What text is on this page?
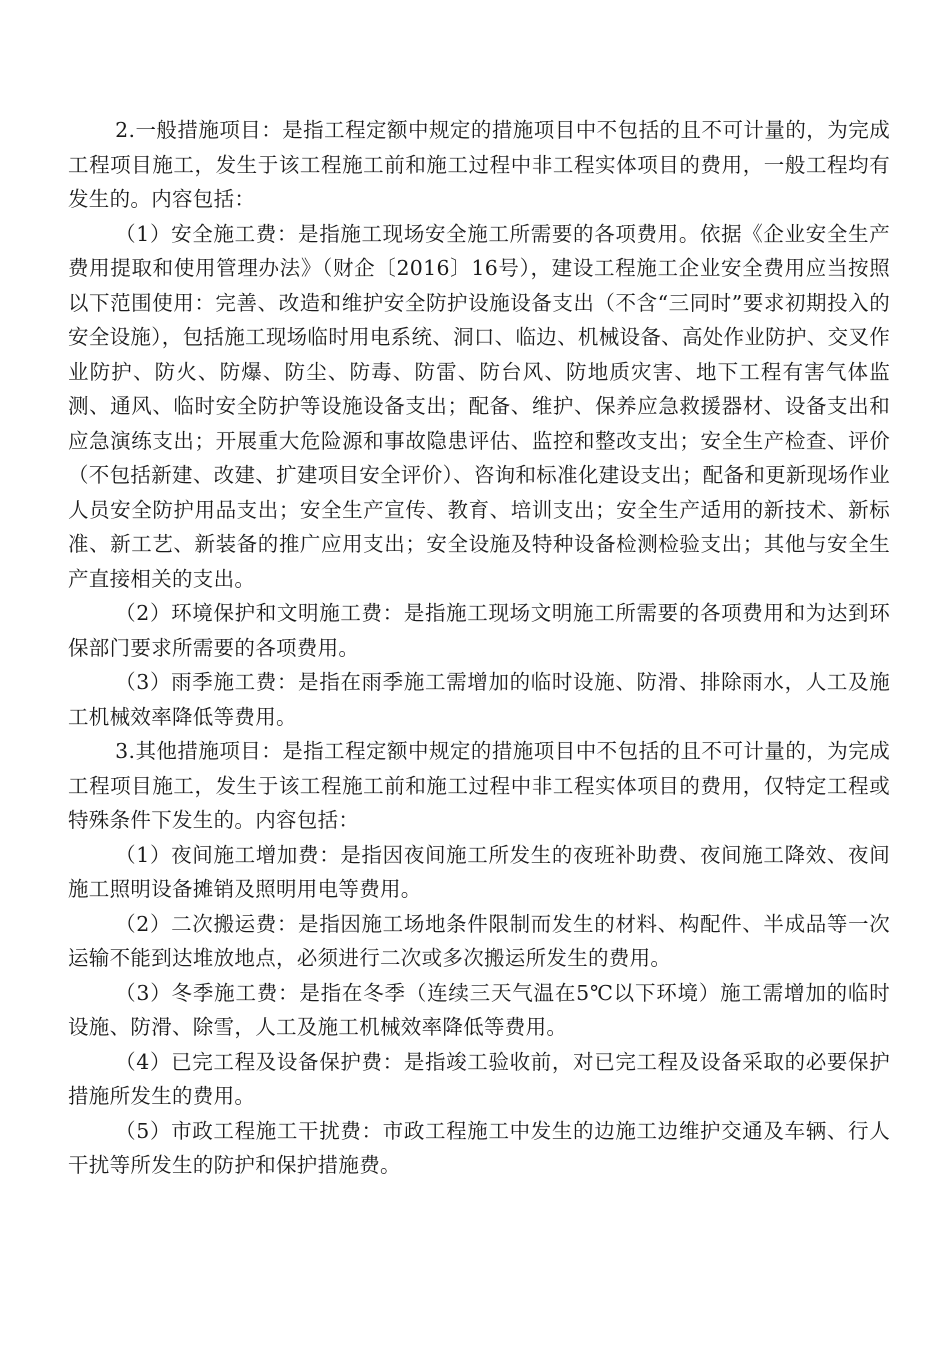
2.一般措施项目：是指工程定额中规定的措施项目中不包括的且不可计量的，为完成工程项目施工，发生于该工程施工前和施工过程中非工程实体项目的费用，一般工程均有发生的。内容包括：

（1）安全施工费：是指施工现场安全施工所需要的各项费用。依据《企业安全生产费用提取和使用管理办法》（财企〔2016〕16号），建设工程施工企业安全费用应当按照以下范围使用：完善、改造和维护安全防护设施设备支出（不含“三同时”要求初期投入的安全设施），包括施工现场临时用电系统、洞口、临边、机械设备、高处作业防护、交叉作业防护、防火、防爆、防尘、防毒、防雷、防台风、防地质灾害、地下工程有害气体监测、通风、临时安全防护等设施设备支出；配备、维护、保养应急救援器材、设备支出和应急演练支出；开展重大危险源和事故隐患评估、监控和整改支出；安全生产检查、评价（不包括新建、改建、扩建项目安全评价）、咨询和标准化建设支出；配备和更新现场作业人员安全防护用品支出；安全生产宣传、教育、培训支出；安全生产适用的新技术、新标准、新工艺、新装备的推广应用支出；安全设施及特种设备检测检验支出；其他与安全生产直接相关的支出。

（2）环境保护和文明施工费：是指施工现场文明施工所需要的各项费用和为达到环保部门要求所需要的各项费用。

（3）雨季施工费：是指在雨季施工需增加的临时设施、防滑、排除雨水，人工及施工机械效率降低等费用。

3.其他措施项目：是指工程定额中规定的措施项目中不包括的且不可计量的，为完成工程项目施工，发生于该工程施工前和施工过程中非工程实体项目的费用，仅特定工程或特殊条件下发生的。内容包括：

（1）夜间施工增加费：是指因夜间施工所发生的夜班补助费、夜间施工降效、夜间施工照明设备摊销及照明用电等费用。

（2）二次搬运费：是指因施工场地条件限制而发生的材料、构配件、半成品等一次运输不能到达堆放地点，必须进行二次或多次搬运所发生的费用。

（3）冬季施工费：是指在冬季（连续三天气温在5℃以下环境）施工需增加的临时设施、防滑、除雪，人工及施工机械效率降低等费用。

（4）已完工程及设备保护费：是指竣工验收前，对已完工程及设备采取的必要保护措施所发生的费用。

（5）市政工程施工干扰费：市政工程施工中发生的边施工边维护交通及车辆、行人干扰等所发生的防护和保护措施费。
